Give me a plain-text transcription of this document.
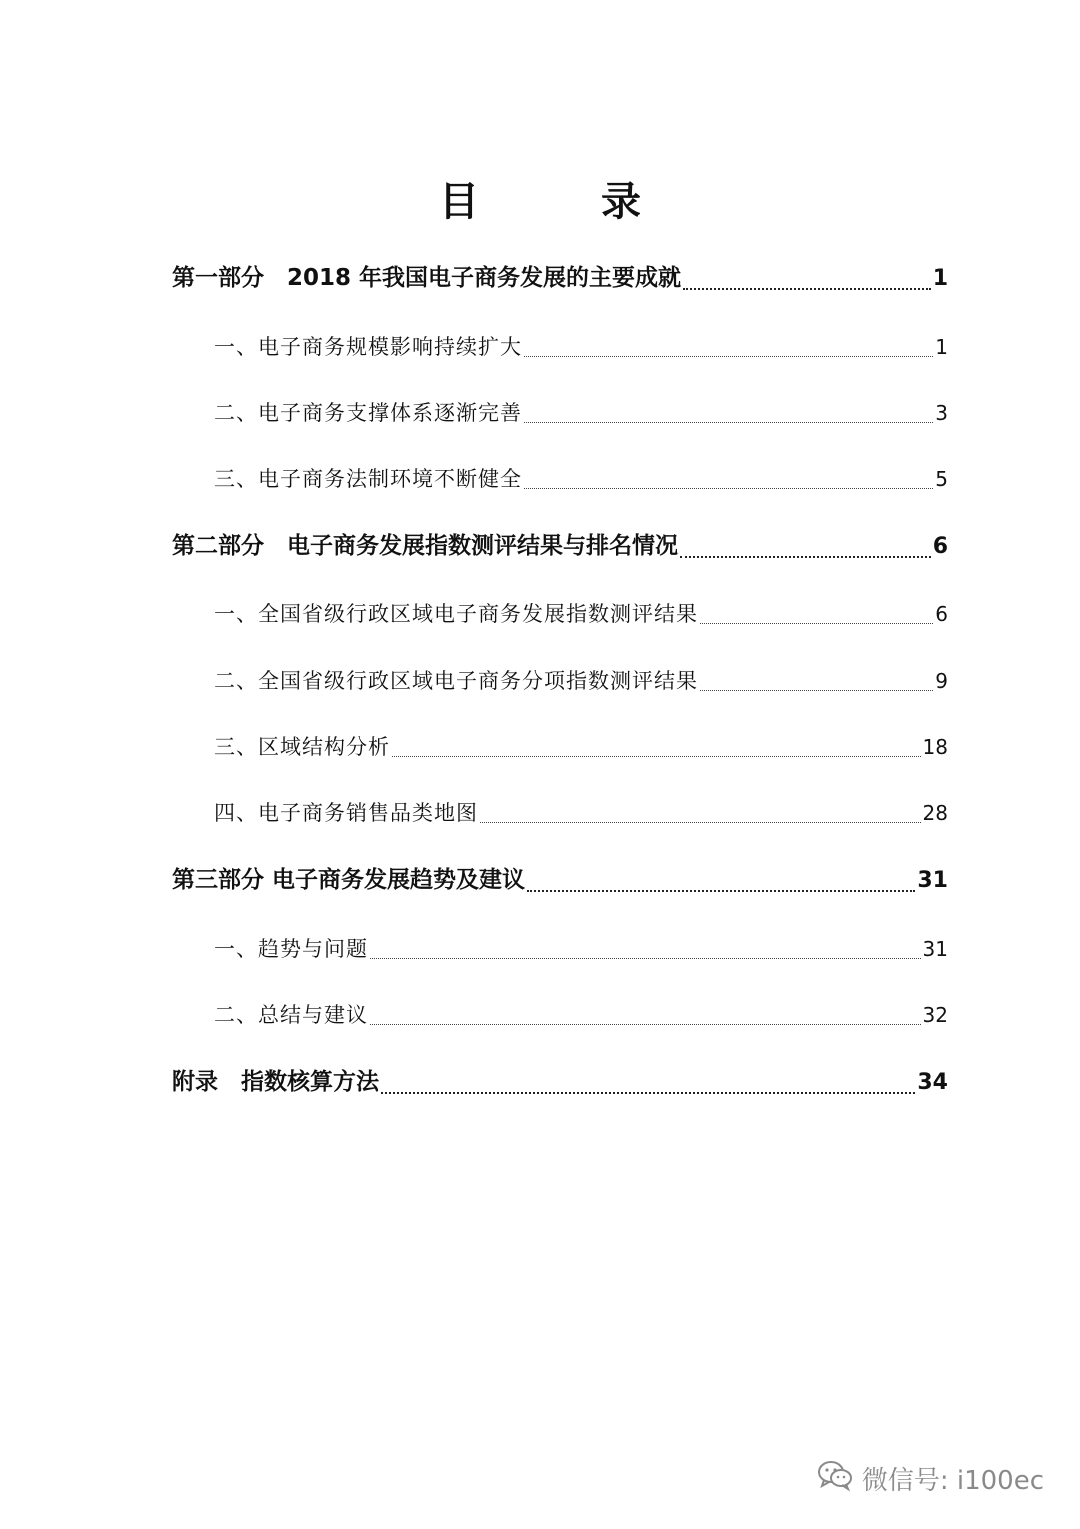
目 录
第一部分　2018 年我国电子商务发展的主要成就	1
一、电子商务规模影响持续扩大	1
二、电子商务支撑体系逐渐完善	3
三、电子商务法制环境不断健全	5
第二部分　电子商务发展指数测评结果与排名情况	6
一、全国省级行政区域电子商务发展指数测评结果	6
二、全国省级行政区域电子商务分项指数测评结果	9
三、区域结构分析	18
四、电子商务销售品类地图	28
第三部分 电子商务发展趋势及建议	31
一、趋势与问题	31
二、总结与建议	32
附录　指数核算方法	34
微信号: i100ec
